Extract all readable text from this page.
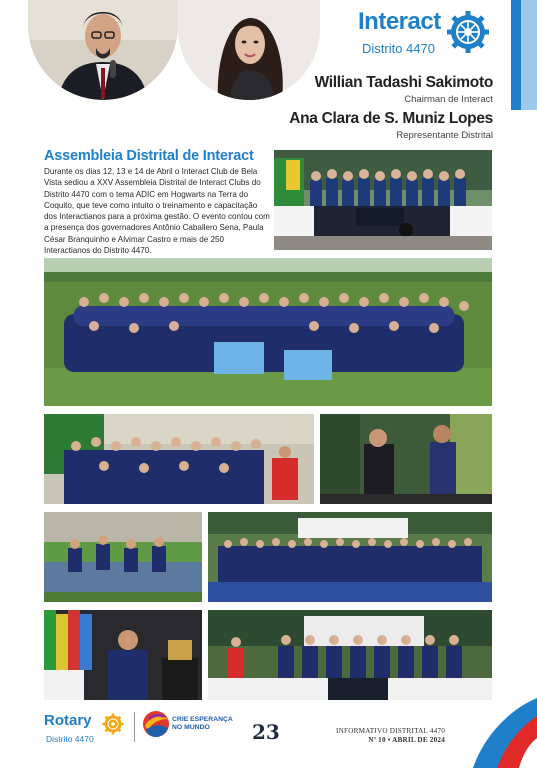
Interact
Distrito 4470
Willian Tadashi Sakimoto
Chairman de Interact
Ana Clara de S. Muniz Lopes
Representante Distrital
Assembleia Distrital de Interact
Durante os dias 12, 13 e 14 de Abril o Interact Club de Bela Vista sediou a XXV Assembleia Distrital de Interact Clubs do Distrito 4470 com o tema ADIC em Hogwarts na Terra do Coquito, que teve como intuito o treinamento e capacitação dos Interactianos para a próxima gestão. O evento contou com a presença dos governadores Antônio Caballero Sena, Paula César Branquinho e Alvimar Castro e mais de 250 Interactianos do Distrito 4470.
Rotary
Distrito 4470
CRIE ESPERANÇA
NO MUNDO	23	INFORMATIVO DISTRITAL 4470
Nº 10 • ABRIL DE 2024
